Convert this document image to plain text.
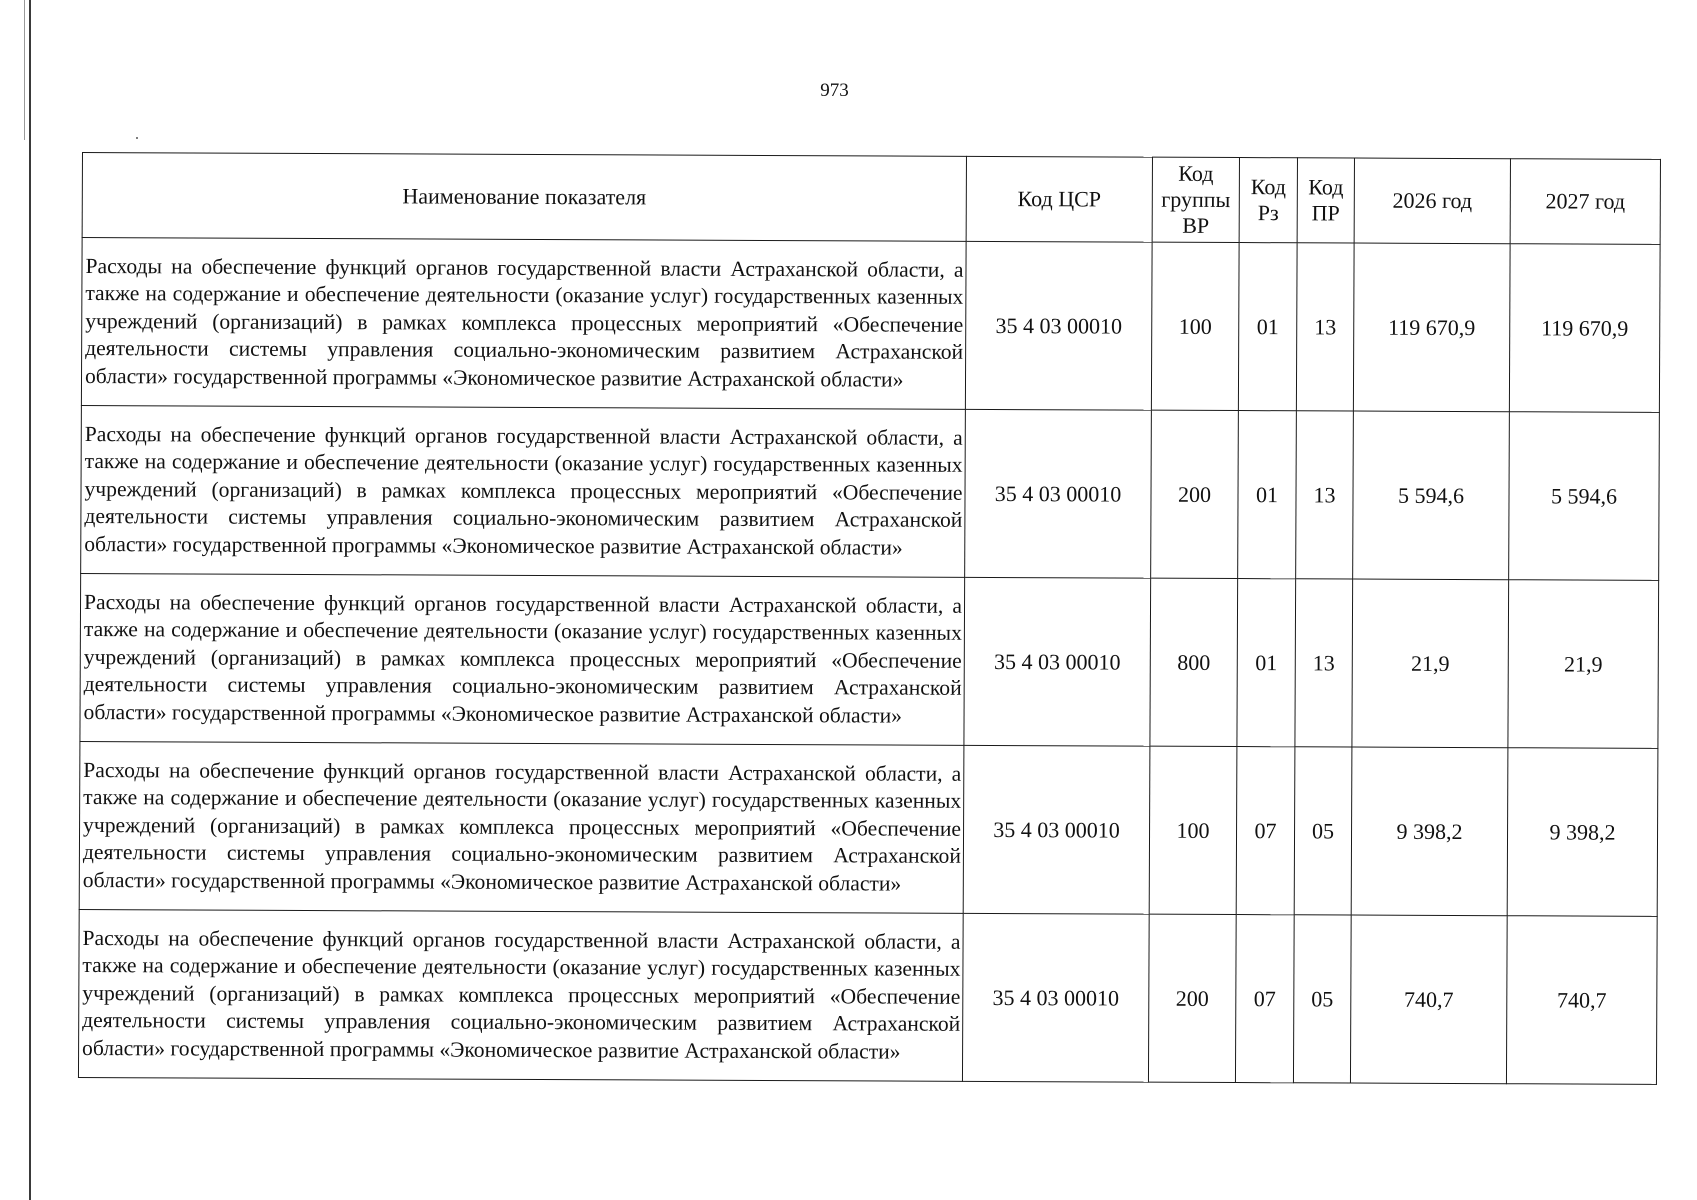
973
Наименование показателя	Код ЦСР	Код группы ВР	Код Рз	Код ПР	2026 год	2027 год
Расходы на обеспечение функций органов государственной власти Астраханской области, а также на содержание и обеспечение деятельности (оказание услуг) государственных казенных учреждений (организаций) в рамках комплекса процессных мероприятий «Обеспечение деятельности системы управления социально-экономическим развитием Астраханской области» государственной программы «Экономическое развитие Астраханской области»	35 4 03 00010	100	01	13	119 670,9	119 670,9
Расходы на обеспечение функций органов государственной власти Астраханской области, а также на содержание и обеспечение деятельности (оказание услуг) государственных казенных учреждений (организаций) в рамках комплекса процессных мероприятий «Обеспечение деятельности системы управления социально-экономическим развитием Астраханской области» государственной программы «Экономическое развитие Астраханской области»	35 4 03 00010	200	01	13	5 594,6	5 594,6
Расходы на обеспечение функций органов государственной власти Астраханской области, а также на содержание и обеспечение деятельности (оказание услуг) государственных казенных учреждений (организаций) в рамках комплекса процессных мероприятий «Обеспечение деятельности системы управления социально-экономическим развитием Астраханской области» государственной программы «Экономическое развитие Астраханской области»	35 4 03 00010	800	01	13	21,9	21,9
Расходы на обеспечение функций органов государственной власти Астраханской области, а также на содержание и обеспечение деятельности (оказание услуг) государственных казенных учреждений (организаций) в рамках комплекса процессных мероприятий «Обеспечение деятельности системы управления социально-экономическим развитием Астраханской области» государственной программы «Экономическое развитие Астраханской области»	35 4 03 00010	100	07	05	9 398,2	9 398,2
Расходы на обеспечение функций органов государственной власти Астраханской области, а также на содержание и обеспечение деятельности (оказание услуг) государственных казенных учреждений (организаций) в рамках комплекса процессных мероприятий «Обеспечение деятельности системы управления социально-экономическим развитием Астраханской области» государственной программы «Экономическое развитие Астраханской области»	35 4 03 00010	200	07	05	740,7	740,7
